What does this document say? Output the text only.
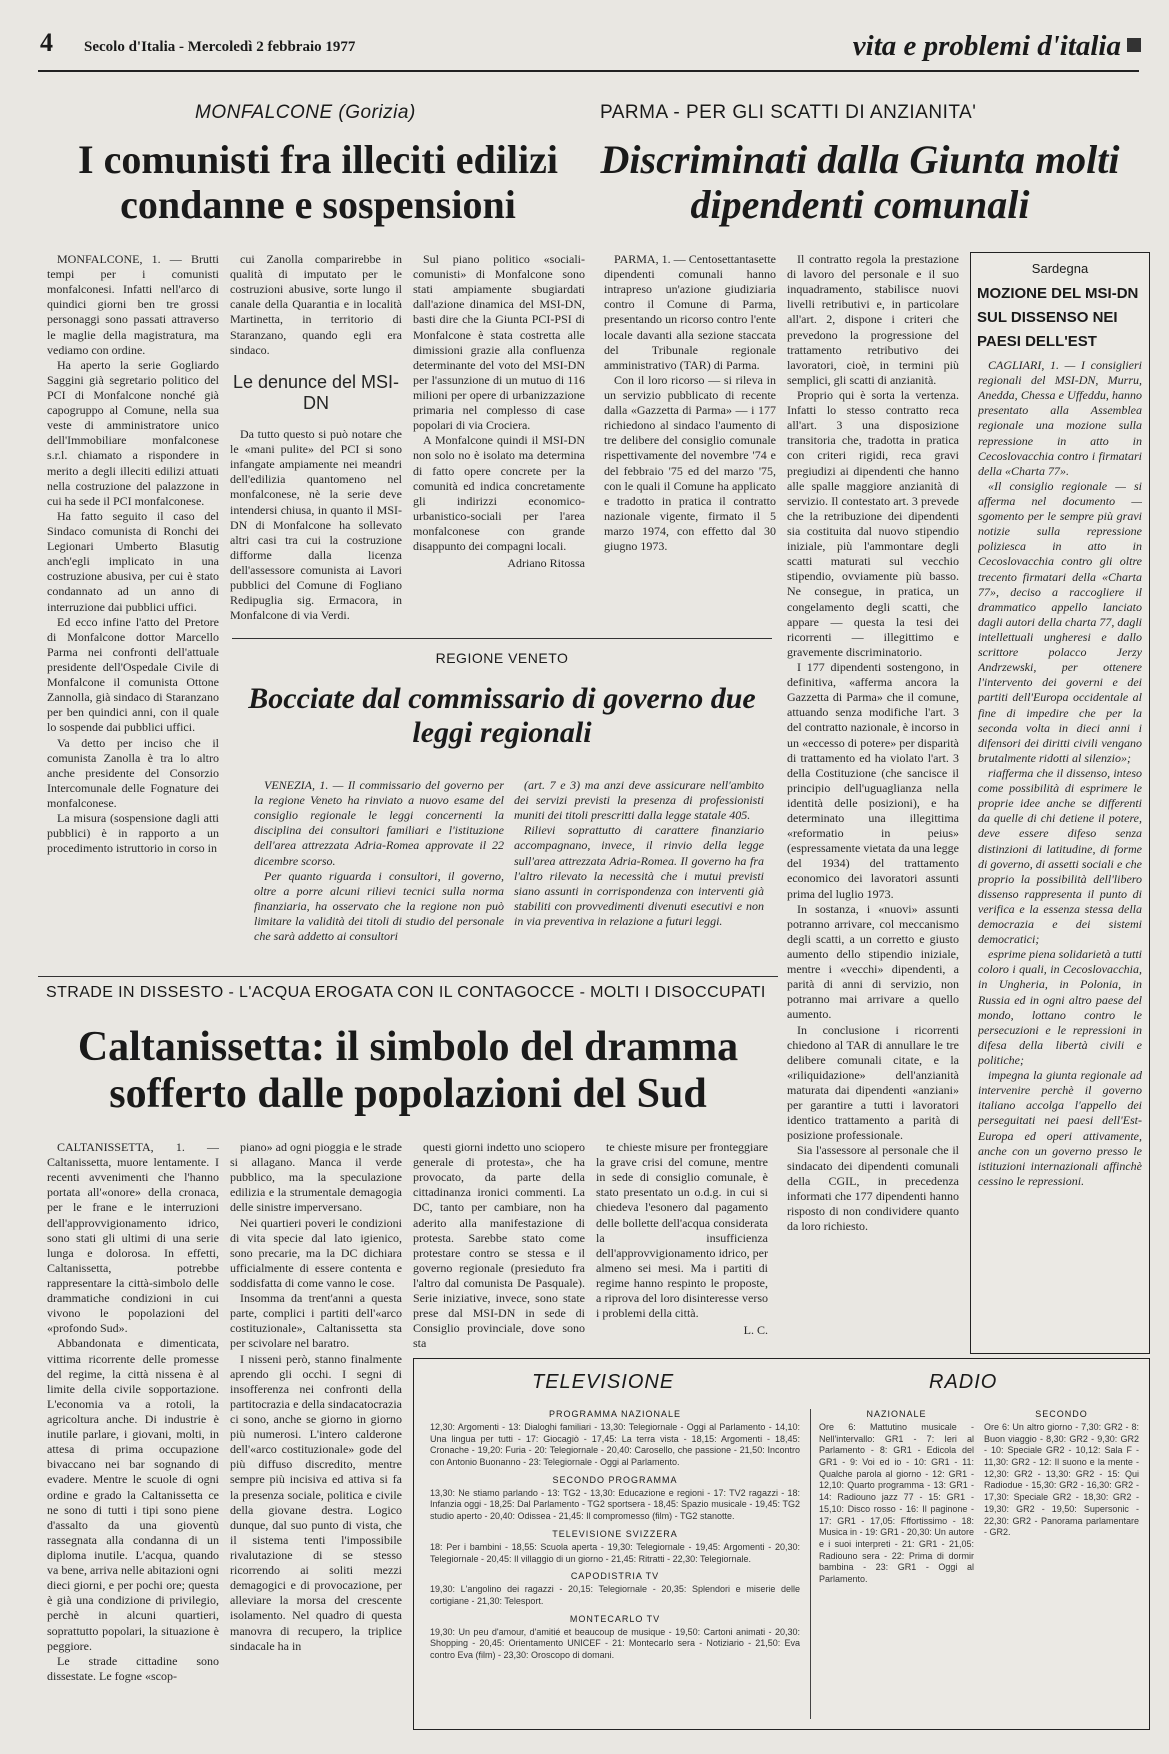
4 Secolo d'Italia - Mercoledì 2 febbraio 1977	vita e problemi d'italia
MONFALCONE (Gorizia)
I comunisti fra illeciti edilizi condanne e sospensioni

MONFALCONE, 1. — Brutti tempi per i comunisti monfalconesi. Infatti nell'arco di quindici giorni ben tre grossi personaggi sono passati attraverso le maglie della magistratura, ma vediamo con ordine.

Ha aperto la serie Gogliardo Saggini già segretario politico del PCI di Monfalcone nonché già capogruppo al Comune, nella sua veste di amministratore unico dell'Immobiliare monfalconese s.r.l. chiamato a rispondere in merito a degli illeciti edilizi attuati nella costruzione del palazzone in cui ha sede il PCI monfalconese.

Ha fatto seguito il caso del Sindaco comunista di Ronchi dei Legionari Umberto Blasutig anch'egli implicato in una costruzione abusiva, per cui è stato condannato ad un anno di interruzione dai pubblici uffici.

Ed ecco infine l'atto del Pretore di Monfalcone dottor Marcello Parma nei confronti dell'attuale presidente dell'Ospedale Civile di Monfalcone il comunista Ottone Zannolla, già sindaco di Staranzano per ben quindici anni, con il quale lo sospende dai pubblici uffici.

Va detto per inciso che il comunista Zanolla è tra lo altro anche presidente del Consorzio Intercomunale delle Fognature dei monfalconese.

La misura (sospensione dagli atti pubblici) è in rapporto a un procedimento istruttorio in corso in

cui Zanolla comparirebbe in qualità di imputato per le costruzioni abusive, sorte lungo il canale della Quarantia e in località Martinetta, in territorio di Staranzano, quando egli era sindaco.

Le denunce del MSI-DN

Da tutto questo si può notare che le «mani pulite» del PCI si sono infangate ampiamente nei meandri dell'edilizia quantomeno nel monfalconese, nè la serie deve intendersi chiusa, in quanto il MSI-DN di Monfalcone ha sollevato altri casi tra cui la costruzione difforme dalla licenza dell'assessore comunista ai Lavori pubblici del Comune di Fogliano Redipuglia sig. Ermacora, in Monfalcone di via Verdi.

Sul piano politico «sociali-comunisti» di Monfalcone sono stati ampiamente sbugiardati dall'azione dinamica del MSI-DN, basti dire che la Giunta PCI-PSI di Monfalcone è stata costretta alle dimissioni grazie alla confluenza determinante del voto del MSI-DN per l'assunzione di un mutuo di 116 milioni per opere di urbanizzazione primaria nel complesso di case popolari di via Crociera.

A Monfalcone quindi il MSI-DN non solo no è isolato ma determina di fatto opere concrete per la comunità ed indica concretamente gli indirizzi economico-urbanistico-sociali per l'area monfalconese con grande disappunto dei compagni locali.

Adriano Ritossa
PARMA - PER GLI SCATTI DI ANZIANITA'
Discriminati dalla Giunta molti dipendenti comunali

PARMA, 1. — Centosettantasette dipendenti comunali hanno intrapreso un'azione giudiziaria contro il Comune di Parma, presentando un ricorso contro l'ente locale davanti alla sezione staccata del Tribunale regionale amministrativo (TAR) di Parma.

Con il loro ricorso — si rileva in un servizio pubblicato di recente dalla «Gazzetta di Parma» — i 177 richiedono al sindaco l'aumento di tre delibere del consiglio comunale rispettivamente del novembre '74 e del febbraio '75 ed del marzo '75, con le quali il Comune ha applicato e tradotto in pratica il contratto nazionale vigente, firmato il 5 marzo 1974, con effetto dal 30 giugno 1973.

Il contratto regola la prestazione di lavoro del personale e il suo inquadramento, stabilisce nuovi livelli retributivi e, in particolare all'art. 2, dispone i criteri che prevedono la progressione del trattamento retributivo dei lavoratori, cioè, in termini più semplici, gli scatti di anzianità.

Proprio qui è sorta la vertenza. Infatti lo stesso contratto reca all'art. 3 una disposizione transitoria che, tradotta in pratica con criteri rigidi, reca gravi pregiudizi ai dipendenti che hanno alle spalle maggiore anzianità di servizio. Il contestato art. 3 prevede che la retribuzione dei dipendenti sia costituita dal nuovo stipendio iniziale, più l'ammontare degli scatti maturati sul vecchio stipendio, ovviamente più basso. Ne consegue, in pratica, un congelamento degli scatti, che appare — questa la tesi dei ricorrenti — illegittimo e gravemente discriminatorio.

I 177 dipendenti sostengono, in definitiva, «afferma ancora la Gazzetta di Parma» che il comune, attuando senza modifiche l'art. 3 del contratto nazionale, è incorso in un «eccesso di potere» per disparità di trattamento ed ha violato l'art. 3 della Costituzione (che sancisce il principio dell'uguaglianza nella identità delle posizioni), e ha determinato una illegittima «reformatio in peius» (espressamente vietata da una legge del 1934) del trattamento economico dei lavoratori assunti prima del luglio 1973.

In sostanza, i «nuovi» assunti potranno arrivare, col meccanismo degli scatti, a un corretto e giusto aumento dello stipendio iniziale, mentre i «vecchi» dipendenti, a parità di anni di servizio, non potranno mai arrivare a quello aumento.

In conclusione i ricorrenti chiedono al TAR di annullare le tre delibere comunali citate, e la «riliquidazione» dell'anzianità maturata dai dipendenti «anziani» per garantire a tutti i lavoratori identico trattamento a parità di posizione professionale.

Sia l'assessore al personale che il sindacato dei dipendenti comunali della CGIL, in precedenza informati che 177 dipendenti hanno risposto di non condividere quanto da loro richiesto.

Sardegna
MOZIONE DEL MSI-DN SUL DISSENSO NEI PAESI DELL'EST

CAGLIARI, 1. — I consiglieri regionali del MSI-DN, Murru, Anedda, Chessa e Uffeddu, hanno presentato alla Assemblea regionale una mozione sulla repressione in atto in Cecoslovacchia contro i firmatari della «Charta 77».

«Il consiglio regionale — si afferma nel documento — sgomento per le sempre più gravi notizie sulla repressione poliziesca in atto in Cecoslovacchia contro gli oltre trecento firmatari della «Charta 77», deciso a raccogliere il drammatico appello lanciato dagli autori della charta 77, dagli intellettuali ungheresi e dallo scrittore polacco Jerzy Andrzewski, per ottenere l'intervento dei governi e dei partiti dell'Europa occidentale al fine di impedire che per la seconda volta in dieci anni i difensori dei diritti civili vengano brutalmente ridotti al silenzio»;

riafferma che il dissenso, inteso come possibilità di esprimere le proprie idee anche se differenti da quelle di chi detiene il potere, deve essere difeso senza distinzioni di latitudine, di forme di governo, di assetti sociali e che proprio la possibilità dell'libero dissenso rappresenta il punto di verifica e la essenza stessa della democrazia e dei sistemi democratici;

esprime piena solidarietà a tutti coloro i quali, in Cecoslovacchia, in Ungheria, in Polonia, in Russia ed in ogni altro paese del mondo, lottano contro le persecuzioni e le repressioni in difesa della libertà civili e politiche;

impegna la giunta regionale ad intervenire perchè il governo italiano accolga l'appello dei perseguitati nei paesi dell'Est-Europa ed operi attivamente, anche con un governo presso le istituzioni internazionali affinchè cessino le repressioni.

REGIONE VENETO
Bocciate dal commissario di governo due leggi regionali

VENEZIA, 1. — Il commissario del governo per la regione Veneto ha rinviato a nuovo esame del consiglio regionale le leggi concernenti la disciplina dei consultori familiari e l'istituzione dell'area attrezzata Adria-Romea approvate il 22 dicembre scorso.

Per quanto riguarda i consultori, il governo, oltre a porre alcuni rilievi tecnici sulla norma finanziaria, ha osservato che la regione non può limitare la validità dei titoli di studio del personale che sarà addetto ai consultori

(art. 7 e 3) ma anzi deve assicurare nell'ambito dei servizi previsti la presenza di professionisti muniti dei titoli prescritti dalla legge statale 405.

Rilievi soprattutto di carattere finanziario accompagnano, invece, il rinvio della legge sull'area attrezzata Adria-Romea. Il governo ha fra l'altro rilevato la necessità che i mutui previsti siano assunti in corrispondenza con interventi già stabiliti con provvedimenti divenuti esecutivi e non in via preventiva in relazione a futuri leggi.

STRADE IN DISSESTO - L'ACQUA EROGATA CON IL CONTAGOCCE - MOLTI I DISOCCUPATI
Caltanissetta: il simbolo del dramma sofferto dalle popolazioni del Sud

CALTANISSETTA, 1. — Caltanissetta, muore lentamente. I recenti avvenimenti che l'hanno portata all'«onore» della cronaca, per le frane e le interruzioni dell'approvvigionamento idrico, sono stati gli ultimi di una serie lunga e dolorosa. In effetti, Caltanissetta, potrebbe rappresentare la città-simbolo delle drammatiche condizioni in cui vivono le popolazioni del «profondo Sud».

Abbandonata e dimenticata, vittima ricorrente delle promesse del regime, la città nissena è al limite della civile sopportazione. L'economia va a rotoli, la agricoltura anche. Di industrie è inutile parlare, i giovani, molti, in attesa di prima occupazione bivaccano nei bar sognando di evadere. Mentre le scuole di ogni ordine e grado la Caltanissetta ce ne sono di tutti i tipi sono piene d'assalto da una gioventù rassegnata alla condanna di un diploma inutile. L'acqua, quando va bene, arriva nelle abitazioni ogni dieci giorni, e per pochi ore; questa è già una condizione di privilegio, perchè in alcuni quartieri, soprattutto popolari, la situazione è peggiore.

Le strade cittadine sono dissestate. Le fogne «scop-

piano» ad ogni pioggia e le strade si allagano. Manca il verde pubblico, ma la speculazione edilizia e la strumentale demagogia delle sinistre imperversano.

Nei quartieri poveri le condizioni di vita specie dal lato igienico, sono precarie, ma la DC dichiara ufficialmente di essere contenta e soddisfatta di come vanno le cose.

Insomma da trent'anni a questa parte, complici i partiti dell'«arco costituzionale», Caltanissetta sta per scivolare nel baratro.

I nisseni però, stanno finalmente aprendo gli occhi. I segni di insofferenza nei confronti della partitocrazia e della sindacatocrazia ci sono, anche se giorno in giorno più numerosi. L'intero calderone dell'«arco costituzionale» gode del più diffuso discredito, mentre sempre più incisiva ed attiva si fa la presenza sociale, politica e civile della giovane destra. Logico dunque, dal suo punto di vista, che il sistema tenti l'impossibile rivalutazione di se stesso ricorrendo ai soliti mezzi demagogici e di provocazione, per alleviare la morsa del crescente isolamento. Nel quadro di questa manovra di recupero, la triplice sindacale ha in

questi giorni indetto uno sciopero generale di protesta», che ha provocato, da parte della cittadinanza ironici commenti. La DC, tanto per cambiare, non ha aderito alla manifestazione di protesta. Sarebbe stato come protestare contro se stessa e il governo regionale (presieduto fra l'altro dal comunista De Pasquale). Serie iniziative, invece, sono state prese dal MSI-DN in sede di Consiglio provinciale, dove sono sta

te chieste misure per fronteggiare la grave crisi del comune, mentre in sede di consiglio comunale, è stato presentato un o.d.g. in cui si chiedeva l'esonero dal pagamento delle bollette dell'acqua considerata la insufficienza dell'approvvigionamento idrico, per almeno sei mesi. Ma i partiti di regime hanno respinto le proposte, a riprova del loro disinteresse verso i problemi della città.

L. C.
TELEVISIONE	RADIO
PROGRAMMA NAZIONALE
12,30: Argomenti - 13: Dialoghi familiari - 13,30: Telegiornale - Oggi al Parlamento - 14,10: Una lingua per tutti - 17: Giocagiò - 17,45: La terra vista - 18,15: Argomenti - 18,45: Cronache - 19,20: Furia - 20: Telegiornale - 20,40: Carosello, che passione - 21,50: Incontro con Antonio Buonanno - 23: Telegiornale - Oggi al Parlamento.
SECONDO PROGRAMMA
13,30: Ne stiamo parlando - 13: TG2 - 13,30: Educazione e regioni - 17: TV2 ragazzi - 18: Infanzia oggi - 18,25: Dal Parlamento - TG2 sportsera - 18,45: Spazio musicale - 19,45: TG2 studio aperto - 20,40: Odissea - 21,45: Il compromesso (film) - TG2 stanotte.
TELEVISIONE SVIZZERA
18: Per i bambini - 18,55: Scuola aperta - 19,30: Telegiornale - 19,45: Argomenti - 20,30: Telegiornale - 20,45: Il villaggio di un giorno - 21,45: Ritratti - 22,30: Telegiornale.
CAPODISTRIA TV
19,30: L'angolino dei ragazzi - 20,15: Telegiornale - 20,35: Splendori e miserie delle cortigiane - 21,30: Telesport.
MONTECARLO TV
19,30: Un peu d'amour, d'amitié et beaucoup de musique - 19,50: Cartoni animati - 20,30: Shopping - 20,45: Orientamento UNICEF - 21: Montecarlo sera - Notiziario - 21,50: Eva contro Eva (film) - 23,30: Oroscopo di domani.
NAZIONALE
Ore 6: Mattutino musicale - Nell'intervallo: GR1 - 7: Ieri al Parlamento - 8: GR1 - Edicola del GR1 - 9: Voi ed io - 10: GR1 - 11: Qualche parola al giorno - 12: GR1 - 12,10: Quarto programma - 13: GR1 - 14: Radiouno jazz 77 - 15: GR1 - 15,10: Disco rosso - 16: Il paginone - 17: GR1 - 17,05: Fffortissimo - 18: Musica in - 19: GR1 - 20,30: Un autore e i suoi interpreti - 21: GR1 - 21,05: Radiouno sera - 22: Prima di dormir bambina - 23: GR1 - Oggi al Parlamento.
SECONDO
Ore 6: Un altro giorno - 7,30: GR2 - 8: Buon viaggio - 8,30: GR2 - 9,30: GR2 - 10: Speciale GR2 - 10,12: Sala F - 11,30: GR2 - 12: Il suono e la mente - 12,30: GR2 - 13,30: GR2 - 15: Qui Radiodue - 15,30: GR2 - 16,30: GR2 - 17,30: Speciale GR2 - 18,30: GR2 - 19,30: GR2 - 19,50: Supersonic - 22,30: GR2 - Panorama parlamentare - GR2.
